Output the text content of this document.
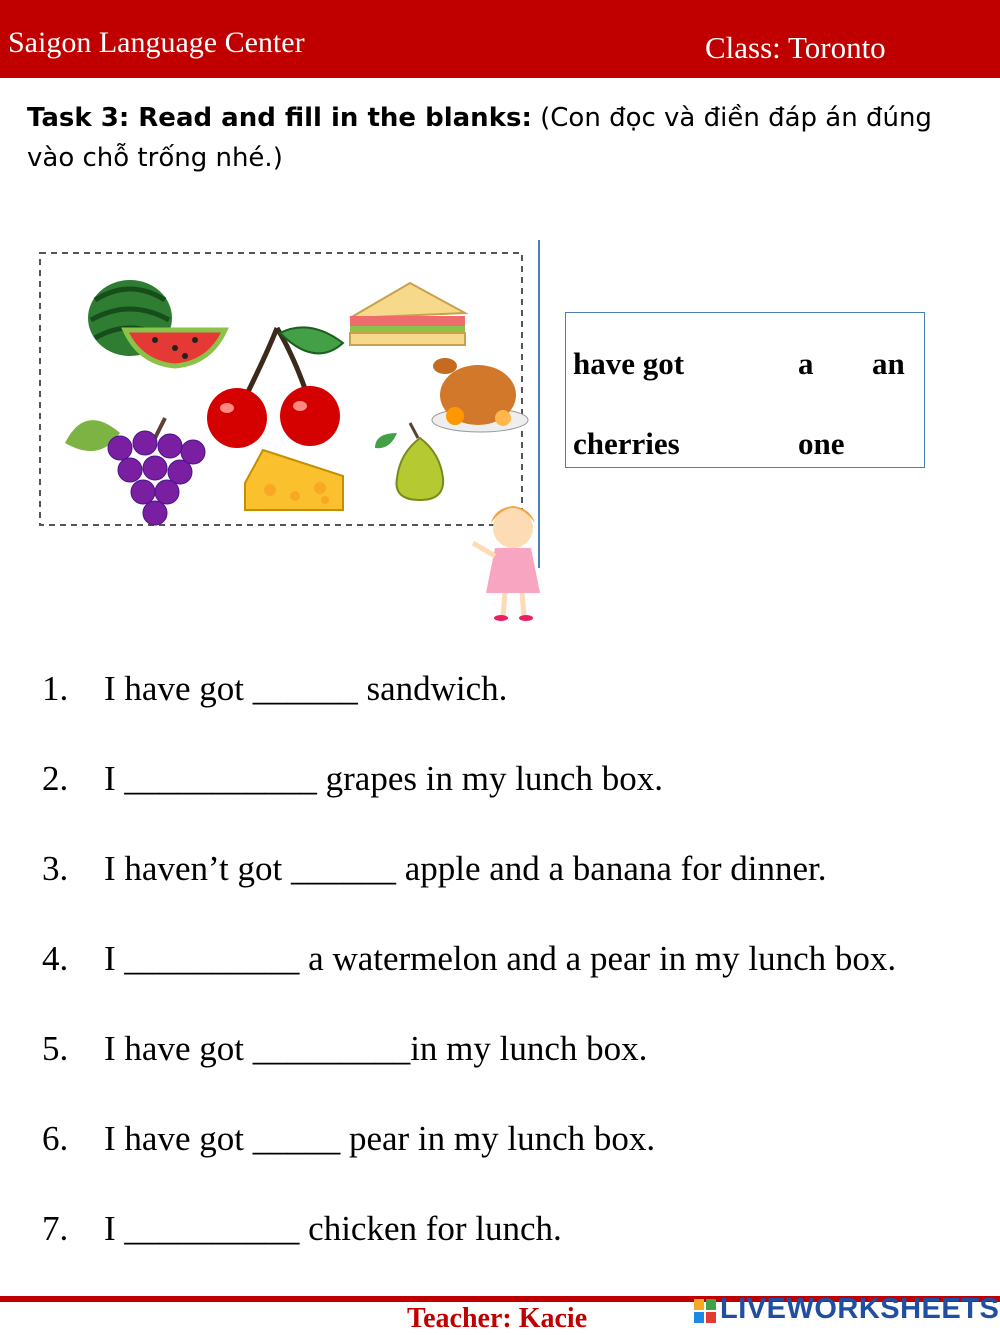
Saigon Language Center	Class: Toronto
Task 3: Read and fill in the blanks: (Con đọc và điền đáp án đúng vào chỗ trống nhé.)
have got	a an
cherries	one
1. I have got ______ sandwich.
2. I ___________ grapes in my lunch box.
3. I haven’t got ______ apple and a banana for dinner.
4. I __________ a watermelon and a pear in my lunch box.
5. I have got _________in my lunch box.
6. I have got _____ pear in my lunch box.
7. I __________ chicken for lunch.
Teacher: Kacie	LIVEWORKSHEETS
